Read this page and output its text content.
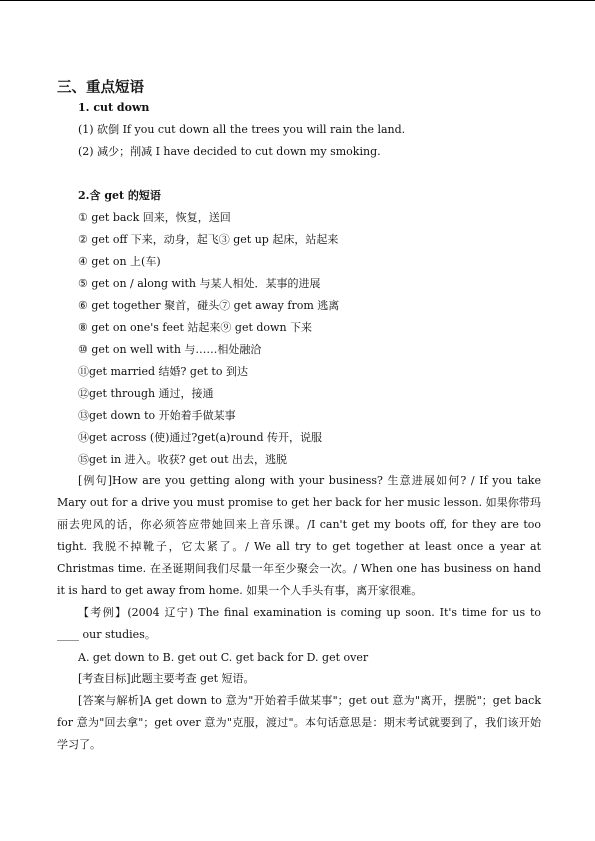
三、重点短语
1. cut down
(1) 砍倒 If you cut down all the trees you will rain the land.
(2) 减少；削减 I have decided to cut down my smoking.
2.含 get 的短语
① get back 回来，恢复，送回
② get off 下来，动身，起飞③ get up 起床，站起来
④ get on 上(车)
⑤ get on / along with 与某人相处．某事的进展
⑥ get together 聚首，碰头⑦ get away from 逃离
⑧ get on one's feet 站起来⑨ get down 下来
⑩ get on well with 与……相处融洽
⑪get married 结婚? get to 到达
⑫get through 通过，接通
⑬get down to 开始着手做某事
⑭get across (使)通过?get(a)round 传开，说服
⑮get in 进入。收获? get out 出去，逃脱
[例句]How are you getting along with your business? 生意进展如何? / If you take Mary out for a drive you must promise to get her back for her music lesson. 如果你带玛丽去兜风的话，你必须答应带她回来上音乐课。/I can't get my boots off, for they are too tight. 我脱不掉靴子，它太紧了。/ We all try to get together at least once a year at Christmas time. 在圣诞期间我们尽量一年至少聚会一次。/ When one has business on hand it is hard to get away from home. 如果一个人手头有事，离开家很难。
【考例】(2004 辽宁) The final examination is coming up soon. It's time for us to ____ our studies。
A. get down to B. get out C. get back for D. get over
[考查目标]此题主要考查 get 短语。
[答案与解析]A get down to 意为"开始着手做某事"；get out 意为"离开，摆脱"；get back for 意为"回去拿"；get over 意为"克服，渡过"。本句话意思是：期末考试就要到了，我们该开始学习了。
